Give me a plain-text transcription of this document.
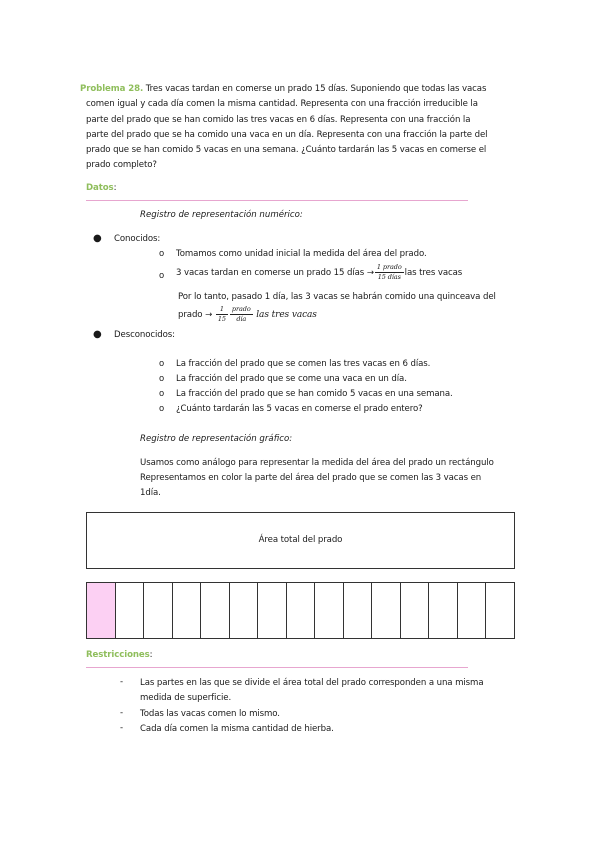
Problema 28. Tres vacas tardan en comerse un prado 15 días. Suponiendo que todas las vacas
comen igual y cada día comen la misma cantidad. Representa con una fracción irreducible la
parte del prado que se han comido las tres vacas en 6 días. Representa con una fracción la
parte del prado que se ha comido una vaca en un día. Representa con una fracción la parte del
prado que se han comido 5 vacas en una semana. ¿Cuánto tardarán las 5 vacas en comerse el
prado completo?
Datos:
Registro de representación numérico:
● Conocidos:
o Tomamos como unidad inicial la medida del área del prado.
o 3 vacas tardan en comerse un prado 15 días → $\frac{\text{1 prado}}{\text{15 días}}$ las tres vacas
Por lo tanto, pasado 1 día, las 3 vacas se habrán comido una quinceava del
prado → $\frac{1}{15} \frac{\text{prado}}{\text{día}}$ las tres vacas
● Desconocidos:
o La fracción del prado que se comen las tres vacas en 6 días.
o La fracción del prado que se come una vaca en un día.
o La fracción del prado que se han comido 5 vacas en una semana.
o ¿Cuánto tardarán las 5 vacas en comerse el prado entero?
Registro de representación gráfico:
Usamos como análogo para representar la medida del área del prado un rectángulo
Representamos en color la parte del área del prado que se comen las 3 vacas en
1día.
Área total del prado
Restricciones:
- Las partes en las que se divide el área total del prado corresponden a una misma
medida de superficie.
- Todas las vacas comen lo mismo.
- Cada día comen la misma cantidad de hierba.
